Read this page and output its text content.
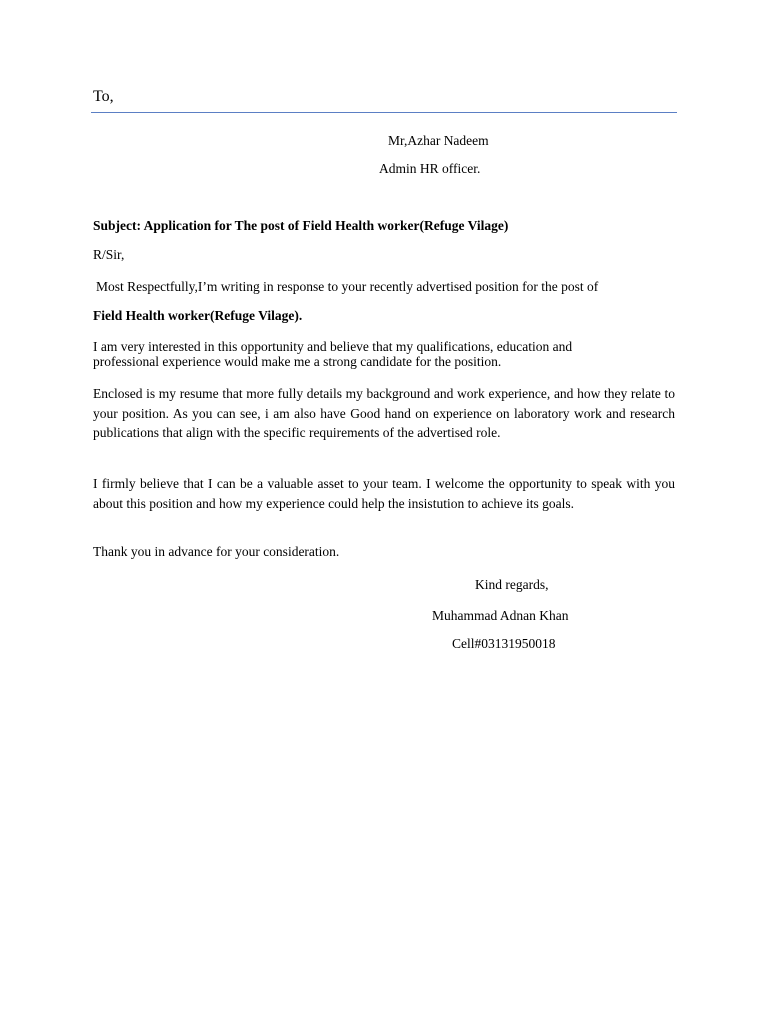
To,
Mr,Azhar Nadeem
Admin HR officer.
Subject: Application for The post of Field Health worker(Refuge Vilage)
R/Sir,
Most Respectfully,I’m writing in response to your recently advertised position for the post of
Field Health worker(Refuge Vilage).
I am very interested in this opportunity and believe that my qualifications, education and
professional experience would make me a strong candidate for the position.
Enclosed is my resume that more fully details my background and work experience, and how they relate to your position. As you can see, i am also have Good hand on experience on laboratory work and research publications that align with the specific requirements of the advertised role.
I firmly believe that I can be a valuable asset to your team. I welcome the opportunity to speak with you about this position and how my experience could help the insistution to achieve its goals.
Thank you in advance for your consideration.
Kind regards,
Muhammad Adnan Khan
Cell#03131950018
